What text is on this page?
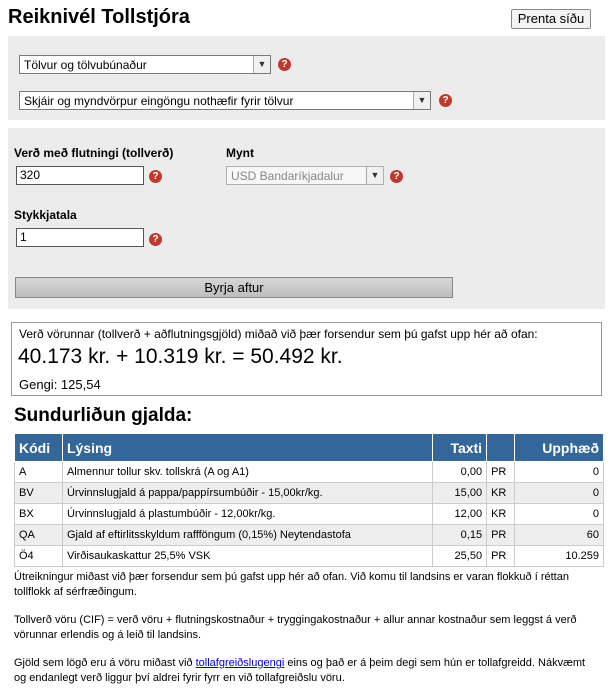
Reiknivél Tollstjóra	Prenta síðu
Tölvur og tölvubúnaður	▼	?
Skjáir og myndvörpur eingöngu nothæfir fyrir tölvur	▼	?
Verð með flutningi (tollverð)
320	?
Mynt
USD Bandaríkjadalur	▼	?
Stykkjatala
1	?
Byrja aftur
Verð vörunnar (tollverð + aðflutningsgjöld) miðað við þær forsendur sem þú gafst upp hér að ofan:
40.173 kr. + 10.319 kr. = 50.492 kr.
Gengi: 125,54
Sundurliðun gjalda:
Kódi	Lýsing	Taxti		Upphæð
A	Almennur tollur skv. tollskrá (A og A1)	0,00	PR	0
BV	Úrvinnslugjald á pappa/pappírsumbúðir - 15,00kr/kg.	15,00	KR	0
BX	Úrvinnslugjald á plastumbúðir - 12,00kr/kg.	12,00	KR	0
QA	Gjald af eftirlitsskyldum raffföngum (0,15%) Neytendastofa	0,15	PR	60
Ö4	Virðisaukaskattur 25,5% VSK	25,50	PR	10.259

Útreikningur miðast við þær forsendur sem þú gafst upp hér að ofan. Við komu til landsins er varan flokkuð í réttan tollflokk af sérfræðingum.

Tollverð vöru (CIF) = verð vöru + flutningskostnaður + tryggingakostnaður + allur annar kostnaður sem leggst á verð vörunnar erlendis og á leið til landsins.

Gjöld sem lögð eru á vöru miðast við tollafgreiðslugengi eins og það er á þeim degi sem hún er tollafgreidd. Nákvæmt og endanlegt verð liggur því aldrei fyrir fyrr en við tollafgreiðslu vöru.
